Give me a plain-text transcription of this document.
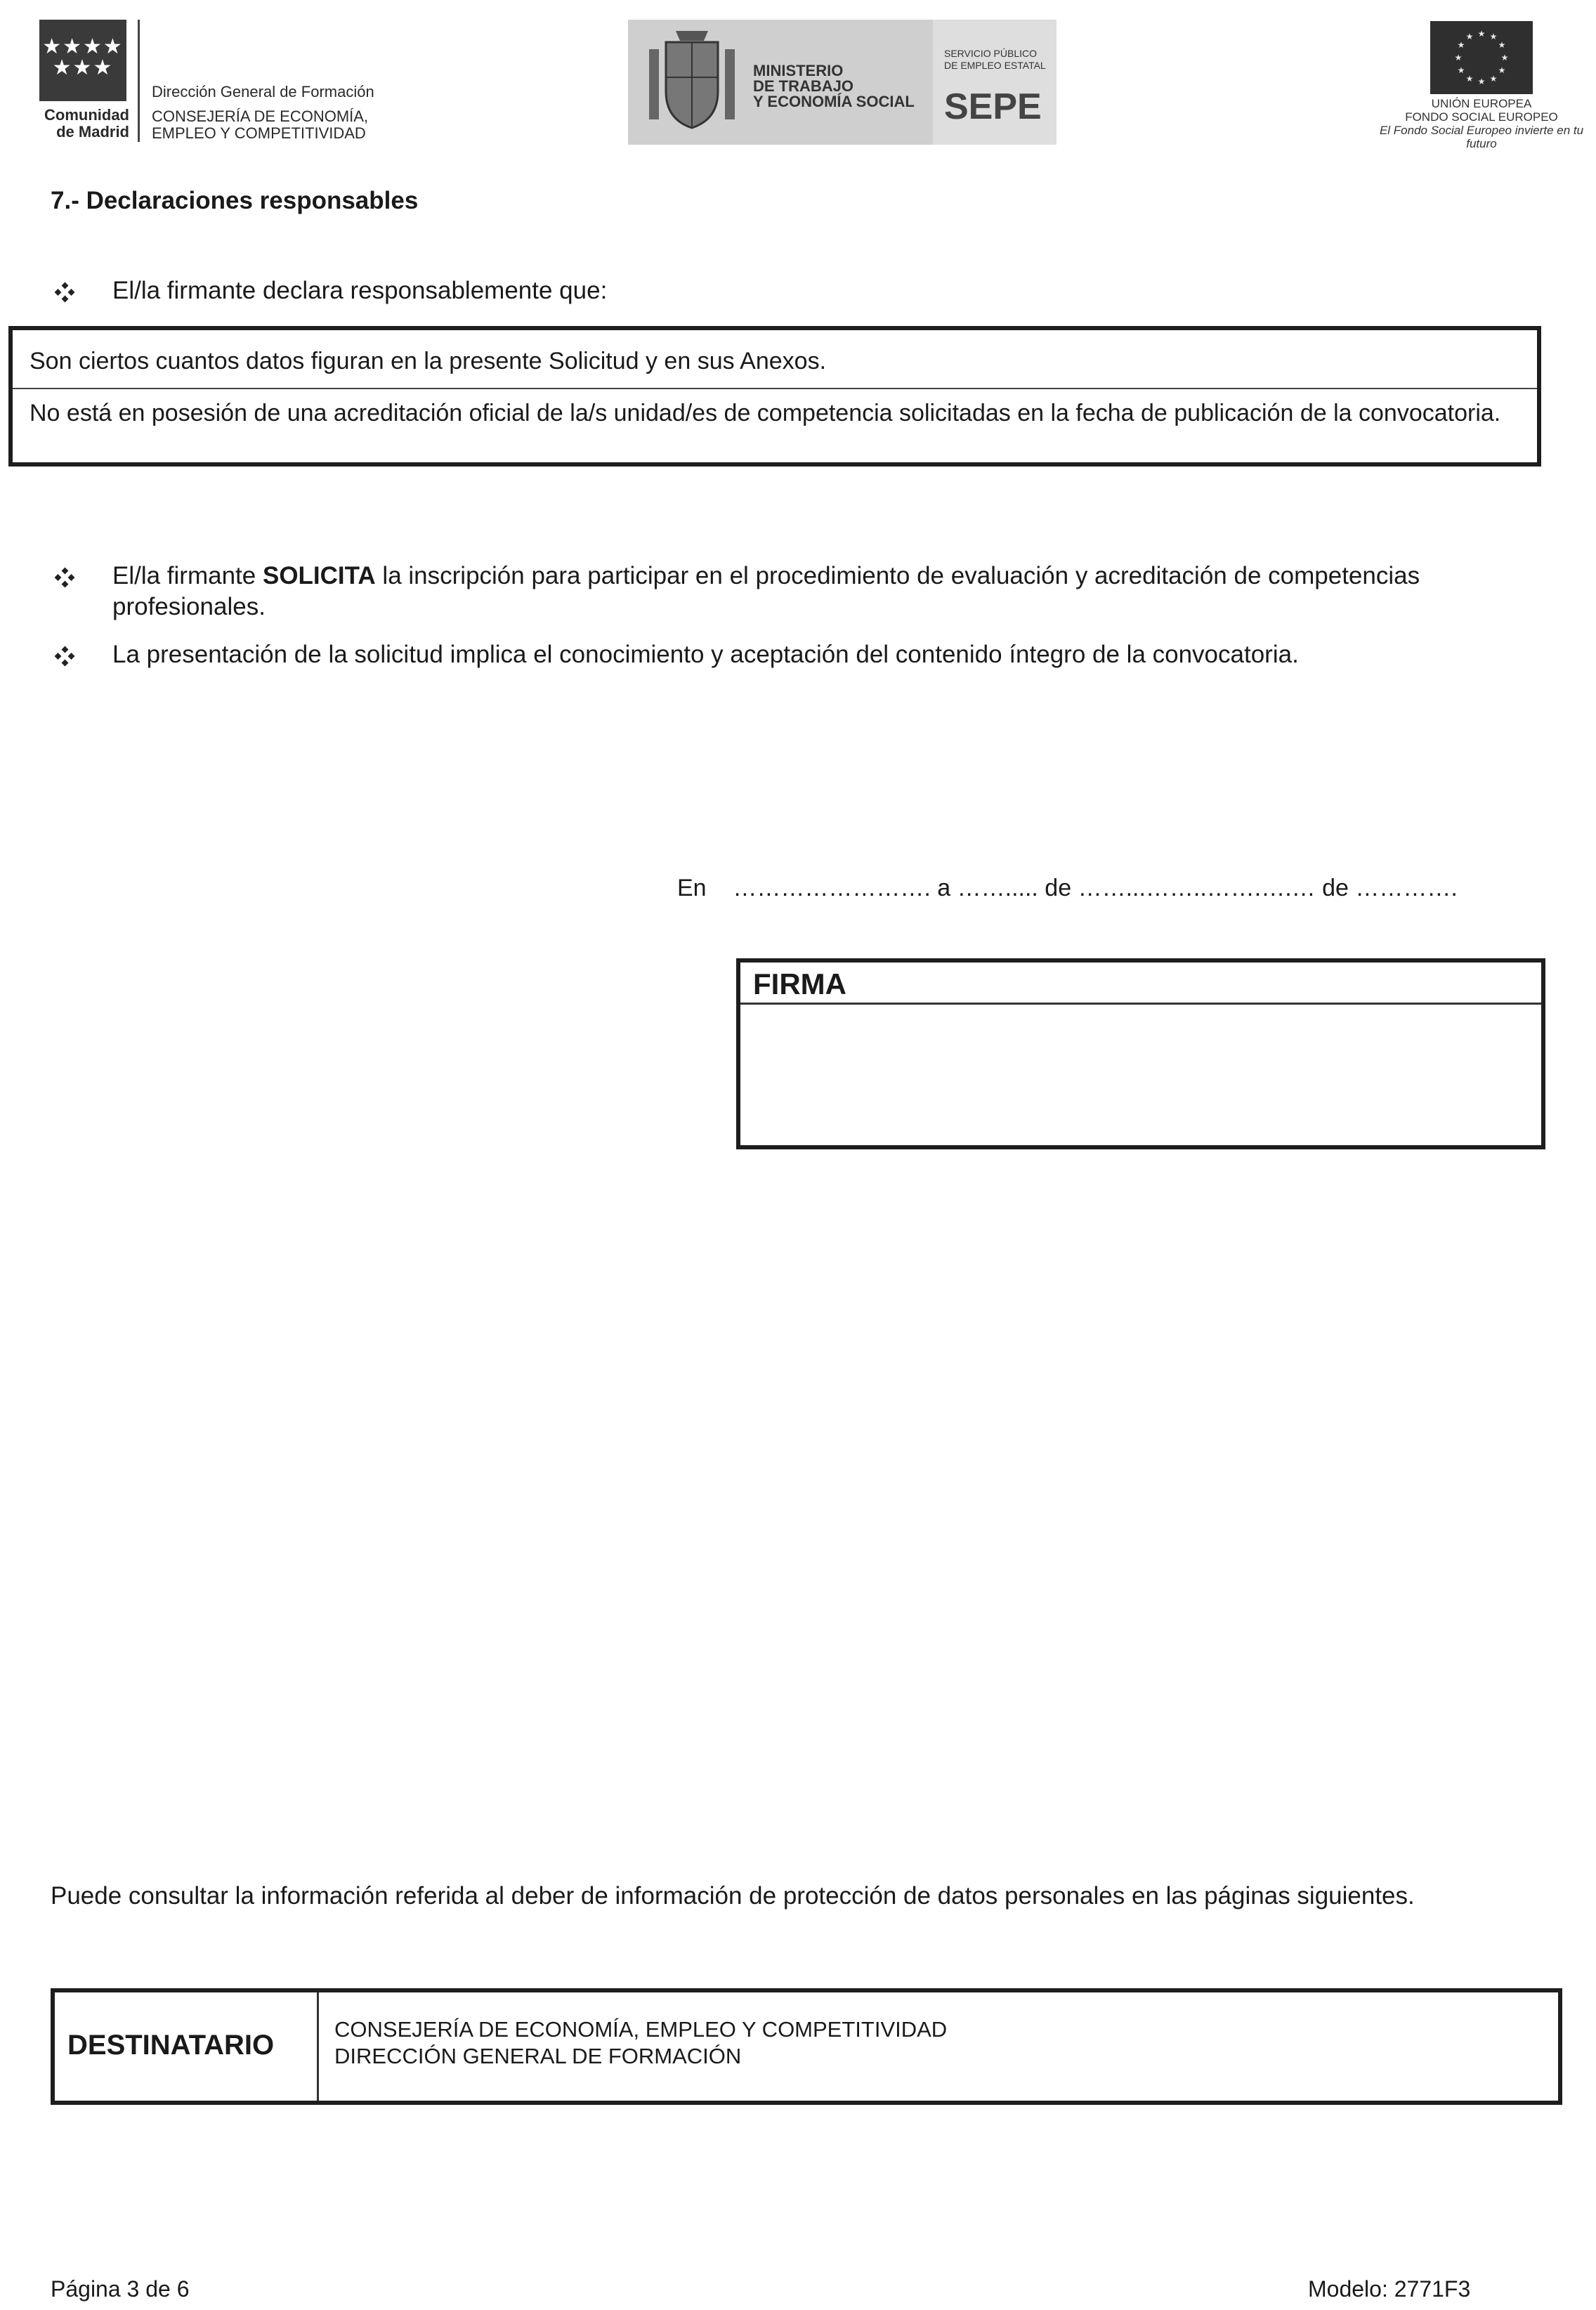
★★★★
★★★
Comunidad
de Madrid
Dirección General de Formación
CONSEJERÍA DE ECONOMÍA,
EMPLEO Y COMPETITIVIDAD
MINISTERIO
DE TRABAJO
Y ECONOMÍA SOCIAL
SERVICIO PÚBLICO
DE EMPLEO ESTATAL
SEPE
★ ★
★
★
★
★
★
★
★
★
★
★
UNIÓN EUROPEA
FONDO SOCIAL EUROPEO
El Fondo Social Europeo invierte en tu futuro
7.- Declaraciones responsables
El/la firmante declara responsablemente que:
Son ciertos cuantos datos figuran en la presente Solicitud y en sus Anexos.
No está en posesión de una acreditación oficial de la/s unidad/es de competencia solicitadas en la fecha de publicación de la convocatoria.
El/la firmante SOLICITA la inscripción para participar en el procedimiento de evaluación y acreditación de competencias profesionales.
La presentación de la solicitud implica el conocimiento y aceptación del contenido íntegro de la convocatoria.
En    ……………………. a ……..... de ……...……..…….….… de ………….
FIRMA
Puede consultar la información referida al deber de información de protección de datos personales en las páginas siguientes.
DESTINATARIO
CONSEJERÍA DE ECONOMÍA, EMPLEO Y COMPETITIVIDAD
DIRECCIÓN GENERAL DE FORMACIÓN
Página 3 de 6	Modelo: 2771F3
